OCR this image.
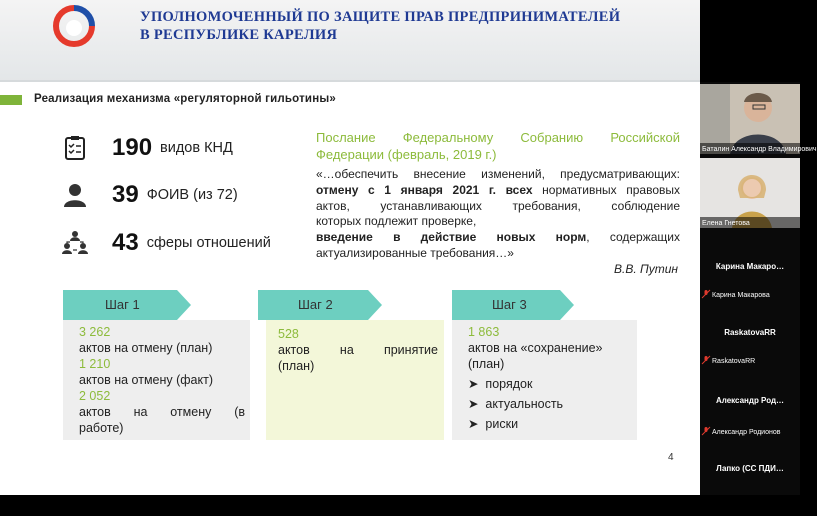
УПОЛНОМОЧЕННЫЙ ПО ЗАЩИТЕ ПРАВ ПРЕДПРИНИМАТЕЛЕЙ
В РЕСПУБЛИКЕ КАРЕЛИЯ
Реализация механизма «регуляторной гильотины»
190 видов КНД
39 ФОИВ (из 72)
43 сферы отношений
Послание Федеральному Собранию Российской
Федерации (февраль, 2019 г.)
«…обеспечить внесение изменений, предусматривающих:
отмену с 1 января 2021 г. всех нормативных правовых
актов, устанавливающих требования, соблюдение
которых подлежит проверке,
введение в действие новых норм, содержащих
актуализированные требования…»
В.В. Путин
Шаг 1
3 262
актов на отмену (план)
1 210
актов на отмену (факт)
2 052
актов на отмену (в
работе)
Шаг 2
528
актов на принятие
(план)
Шаг 3
1 863
актов на «сохранение»
(план)
➤  порядок
➤  актуальность
➤  риски
4
Баталин Александр Владимирович
Елена Гнетова
Карина Макаро…
Карина Макарова
RaskatovaRR
RaskatovaRR
Александр Род…
Александр Родионов
Лапко (СС ПДИ…
